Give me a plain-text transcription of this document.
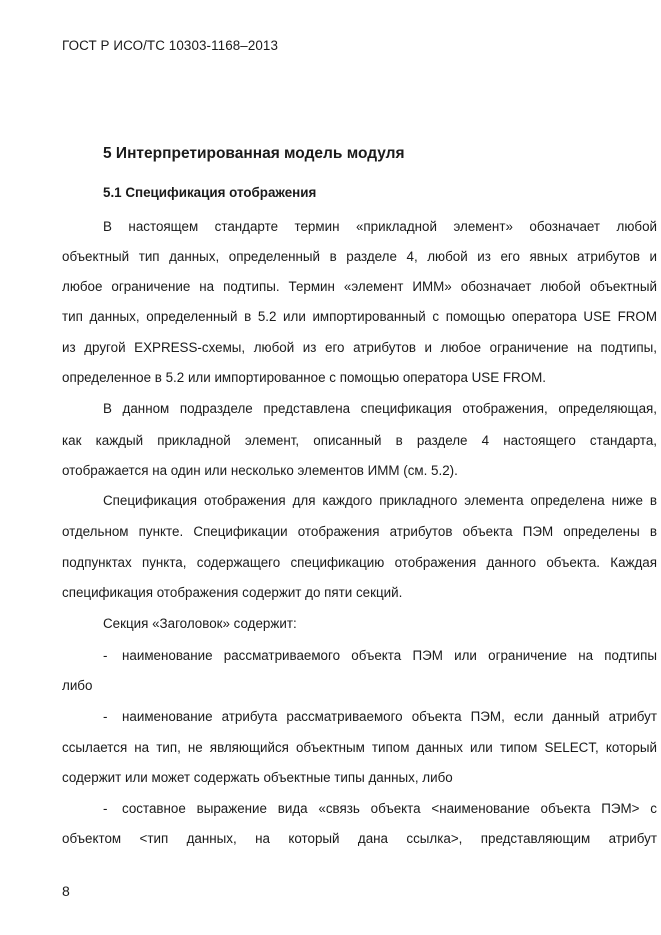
ГОСТ Р ИСО/ТС 10303-1168–2013
5 Интерпретированная модель модуля
5.1 Спецификация отображения
В настоящем стандарте термин «прикладной элемент» обозначает любой
объектный тип данных, определенный в разделе 4, любой из его явных атрибутов и
любое ограничение на подтипы. Термин «элемент ИММ» обозначает любой объектный
тип данных, определенный в 5.2 или импортированный с помощью оператора USE FROM
из другой EXPRESS-схемы, любой из его атрибутов и любое ограничение на подтипы,
определенное в 5.2 или импортированное с помощью оператора USE FROM.
В данном подразделе представлена спецификация отображения, определяющая,
как каждый прикладной элемент, описанный в разделе 4 настоящего стандарта,
отображается на один или несколько элементов ИММ (см. 5.2).
Спецификация отображения для каждого прикладного элемента определена ниже в
отдельном пункте. Спецификации отображения атрибутов объекта ПЭМ определены в
подпунктах пункта, содержащего спецификацию отображения данного объекта. Каждая
спецификация отображения содержит до пяти секций.
Секция «Заголовок» содержит:
-	наименование рассматриваемого объекта ПЭМ или ограничение на подтипы
либо
-	наименование атрибута рассматриваемого объекта ПЭМ, если данный атрибут
ссылается на тип, не являющийся объектным типом данных или типом SELECT, который
содержит или может содержать объектные типы данных, либо
-	составное выражение вида «связь объекта <наименование объекта ПЭМ> с
объектом <тип данных, на который дана ссылка>, представляющим атрибут
8
